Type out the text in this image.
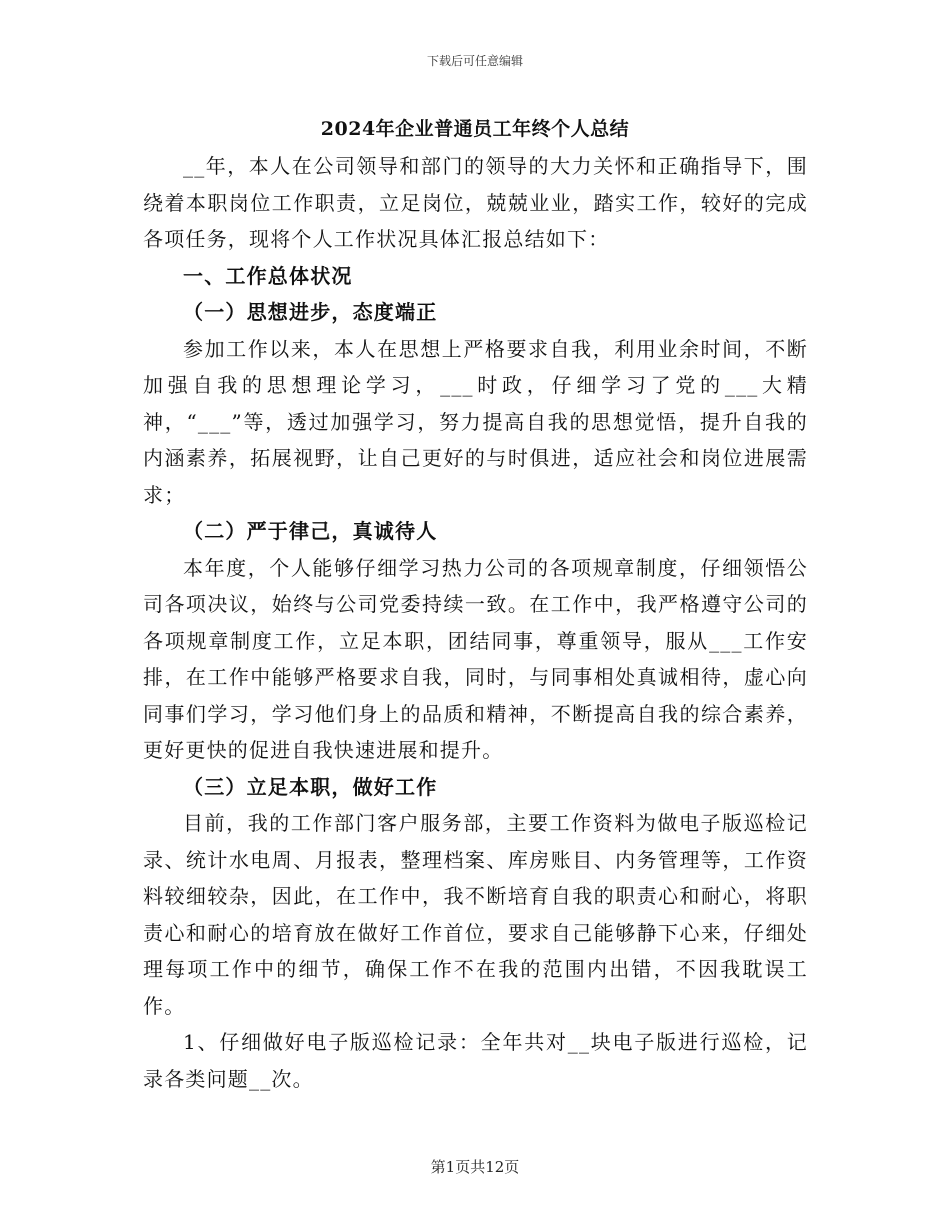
下载后可任意编辑
2024年企业普通员工年终个人总结

__年，本人在公司领导和部门的领导的大力关怀和正确指导下，围绕着本职岗位工作职责，立足岗位，兢兢业业，踏实工作，较好的完成各项任务，现将个人工作状况具体汇报总结如下：

一、工作总体状况
（一）思想进步，态度端正

参加工作以来，本人在思想上严格要求自我，利用业余时间，不断加强自我的思想理论学习，___时政，仔细学习了党的___大精神，“___”等，透过加强学习，努力提高自我的思想觉悟，提升自我的内涵素养，拓展视野，让自己更好的与时俱进，适应社会和岗位进展需求；

（二）严于律己，真诚待人

本年度，个人能够仔细学习热力公司的各项规章制度，仔细领悟公司各项决议，始终与公司党委持续一致。在工作中，我严格遵守公司的各项规章制度工作，立足本职，团结同事，尊重领导，服从___工作安排，在工作中能够严格要求自我，同时，与同事相处真诚相待，虚心向同事们学习，学习他们身上的品质和精神，不断提高自我的综合素养，更好更快的促进自我快速进展和提升。

（三）立足本职，做好工作

目前，我的工作部门客户服务部，主要工作资料为做电子版巡检记录、统计水电周、月报表，整理档案、库房账目、内务管理等，工作资料较细较杂，因此，在工作中，我不断培育自我的职责心和耐心，将职责心和耐心的培育放在做好工作首位，要求自己能够静下心来，仔细处理每项工作中的细节，确保工作不在我的范围内出错，不因我耽误工作。

1、仔细做好电子版巡检记录：全年共对__块电子版进行巡检，记录各类问题__次。

第1页共12页
